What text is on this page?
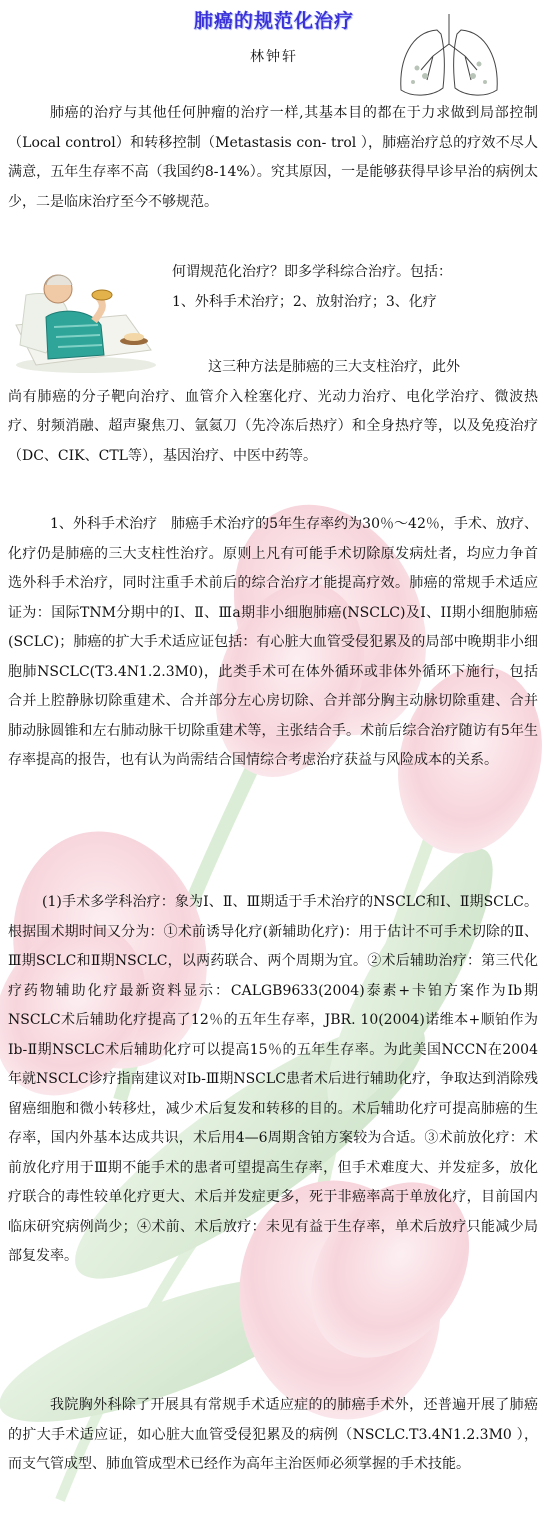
肺癌的规范化治疗
林钟轩

肺癌的治疗与其他任何肿瘤的治疗一样,其基本目的都在于力求做到局部控制（Local control）和转移控制（Metastasis con- trol ），肺癌治疗总的疗效不尽人满意，五年生存率不高（我国约8-14%）。究其原因，一是能够获得早诊早治的病例太少，二是临床治疗至今不够规范。

何谓规范化治疗？即多学科综合治疗。包括：
1、外科手术治疗；2、放射治疗；3、化疗
这三种方法是肺癌的三大支柱治疗，此外
尚有肺癌的分子靶向治疗、血管介入栓塞化疗、光动力治疗、电化学治疗、微波热疗、射频消融、超声聚焦刀、氩氦刀（先冷冻后热疗）和全身热疗等，以及免疫治疗（DC、CIK、CTL等），基因治疗、中医中药等。

1、外科手术治疗　肺癌手术治疗的5年生存率约为30％～42％，手术、放疗、化疗仍是肺癌的三大支柱性治疗。原则上凡有可能手术切除原发病灶者，均应力争首选外科手术治疗，同时注重手术前后的综合治疗才能提高疗效。肺癌的常规手术适应证为：国际TNM分期中的Ⅰ、Ⅱ、Ⅲa期非小细胞肺癌(NSCLC)及Ⅰ、II期小细胞肺癌(SCLC)；肺癌的扩大手术适应证包括：有心脏大血管受侵犯累及的局部中晚期非小细胞肺NSCLC(T3.4N1.2.3M0)，此类手术可在体外循环或非体外循环下施行，包括合并上腔静脉切除重建术、合并部分左心房切除、合并部分胸主动脉切除重建、合并肺动脉圆锥和左右肺动脉干切除重建术等，主张结合手。术前后综合治疗随访有5年生存率提高的报告，也有认为尚需结合国情综合考虑治疗获益与风险成本的关系。

(1)手术多学科治疗：象为Ⅰ、Ⅱ、Ⅲ期适于手术治疗的NSCLC和Ⅰ、Ⅱ期SCLC。根据围术期时间又分为：①术前诱导化疗(新辅助化疗)：用于估计不可手术切除的Ⅱ、Ⅲ期SCLC和Ⅱ期NSCLC，以两药联合、两个周期为宜。②术后辅助治疗：第三代化疗药物辅助化疗最新资料显示：CALGB9633(2004)泰素+卡铂方案作为Ib期NSCLC术后辅助化疗提高了12％的五年生存率，JBR. 10(2004)诺维本+顺铂作为Ib-Ⅱ期NSCLC术后辅助化疗可以提高15％的五年生存率。为此美国NCCN在2004年就NSCLC诊疗指南建议对Ib-Ⅲ期NSCLC患者术后进行辅助化疗，争取达到消除残留癌细胞和微小转移灶，减少术后复发和转移的目的。术后辅助化疗可提高肺癌的生存率，国内外基本达成共识，术后用4—6周期含铂方案较为合适。③术前放化疗：术前放化疗用于Ⅲ期不能手术的患者可望提高生存率，但手术难度大、并发症多，放化疗联合的毒性较单化疗更大、术后并发症更多，死于非癌率高于单放化疗，目前国内临床研究病例尚少；④术前、术后放疗：未见有益于生存率，单术后放疗只能减少局部复发率。

我院胸外科除了开展具有常规手术适应症的的肺癌手术外，还普遍开展了肺癌的扩大手术适应证，如心脏大血管受侵犯累及的病例（NSCLC.T3.4N1.2.3M0 ），而支气管成型、肺血管成型术已经作为高年主治医师必须掌握的手术技能。
